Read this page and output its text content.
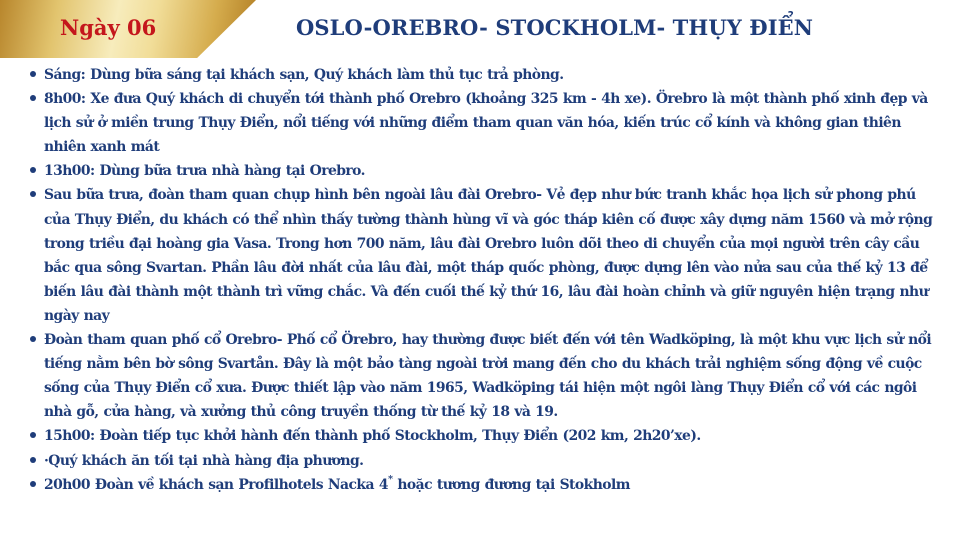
Ngày 06	OSLO-OREBRO- STOCKHOLM- THỤY ĐIỂN
Sáng: Dùng bữa sáng tại khách sạn, Quý khách làm thủ tục trả phòng.
8h00: Xe đưa Quý khách di chuyển tới thành phố Orebro (khoảng 325 km - 4h xe). Örebro là một thành phố xinh đẹp và lịch sử ở miền trung Thụy Điển, nổi tiếng với những điểm tham quan văn hóa, kiến trúc cổ kính và không gian thiên nhiên xanh mát
13h00: Dùng bữa trưa nhà hàng tại Orebro.
Sau bữa trưa, đoàn tham quan chụp hình bên ngoài lâu đài Orebro- Vẻ đẹp như bức tranh khắc họa lịch sử phong phú của Thụy Điển, du khách có thể nhìn thấy tường thành hùng vĩ và góc tháp kiên cố được xây dựng năm 1560 và mở rộng trong triều đại hoàng gia Vasa. Trong hơn 700 năm, lâu đài Orebro luôn dõi theo di chuyển của mọi người trên cây cầu bắc qua sông Svartan. Phần lâu đời nhất của lâu đài, một tháp quốc phòng, được dựng lên vào nửa sau của thế kỷ 13 để biến lâu đài thành một thành trì vững chắc. Và đến cuối thế kỷ thứ 16, lâu đài hoàn chỉnh và giữ nguyên hiện trạng như ngày nay
Đoàn tham quan phố cổ Orebro- Phố cổ Örebro, hay thường được biết đến với tên Wadköping, là một khu vực lịch sử nổi tiếng nằm bên bờ sông Svartån. Đây là một bảo tàng ngoài trời mang đến cho du khách trải nghiệm sống động về cuộc sống của Thụy Điển cổ xưa. Được thiết lập vào năm 1965, Wadköping tái hiện một ngôi làng Thụy Điển cổ với các ngôi nhà gỗ, cửa hàng, và xưởng thủ công truyền thống từ thế kỷ 18 và 19.
15h00: Đoàn tiếp tục khởi hành đến thành phố Stockholm, Thụy Điển (202 km, 2h20’xe).
·Quý khách ăn tối tại nhà hàng địa phương.
20h00 Đoàn về khách sạn Profilhotels Nacka 4* hoặc tương đương tại Stokholm
